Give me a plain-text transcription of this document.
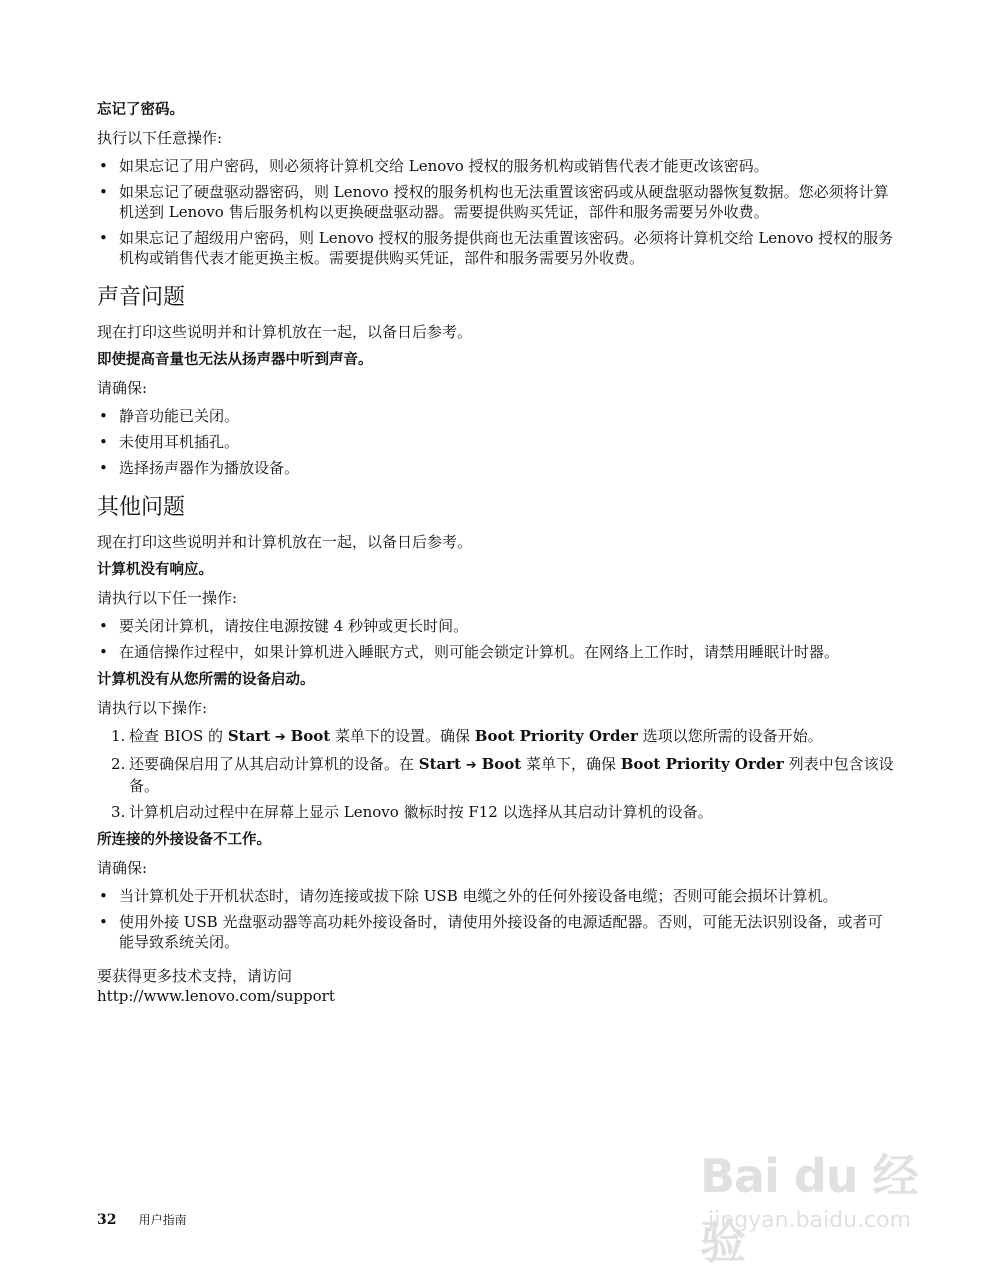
忘记了密码。

执行以下任意操作:

• 如果忘记了用户密码，则必须将计算机交给 Lenovo 授权的服务机构或销售代表才能更改该密码。
• 如果忘记了硬盘驱动器密码，则 Lenovo 授权的服务机构也无法重置该密码或从硬盘驱动器恢复数据。您必须将计算机送到 Lenovo 售后服务机构以更换硬盘驱动器。需要提供购买凭证，部件和服务需要另外收费。
• 如果忘记了超级用户密码，则 Lenovo 授权的服务提供商也无法重置该密码。必须将计算机交给 Lenovo 授权的服务机构或销售代表才能更换主板。需要提供购买凭证，部件和服务需要另外收费。
声音问题

现在打印这些说明并和计算机放在一起，以备日后参考。

即使提高音量也无法从扬声器中听到声音。

请确保:

• 静音功能已关闭。
• 未使用耳机插孔。
• 选择扬声器作为播放设备。
其他问题

现在打印这些说明并和计算机放在一起，以备日后参考。

计算机没有响应。

请执行以下任一操作:

• 要关闭计算机，请按住电源按键 4 秒钟或更长时间。
• 在通信操作过程中，如果计算机进入睡眠方式，则可能会锁定计算机。在网络上工作时，请禁用睡眠计时器。
计算机没有从您所需的设备启动。

请执行以下操作:

1. 检查 BIOS 的 Start ➔ Boot 菜单下的设置。确保 Boot Priority Order 选项以您所需的设备开始。
2. 还要确保启用了从其启动计算机的设备。在 Start ➔ Boot 菜单下，确保 Boot Priority Order 列表中包含该设备。
3. 计算机启动过程中在屏幕上显示 Lenovo 徽标时按 F12 以选择从其启动计算机的设备。
所连接的外接设备不工作。

请确保:

• 当计算机处于开机状态时，请勿连接或拔下除 USB 电缆之外的任何外接设备电缆；否则可能会损坏计算机。
• 使用外接 USB 光盘驱动器等高功耗外接设备时，请使用外接设备的电源适配器。否则，可能无法识别设备，或者可能导致系统关闭。

要获得更多技术支持，请访问

http://www.lenovo.com/support

32 用户指南
Bai du 经验
jingyan.baidu.com
